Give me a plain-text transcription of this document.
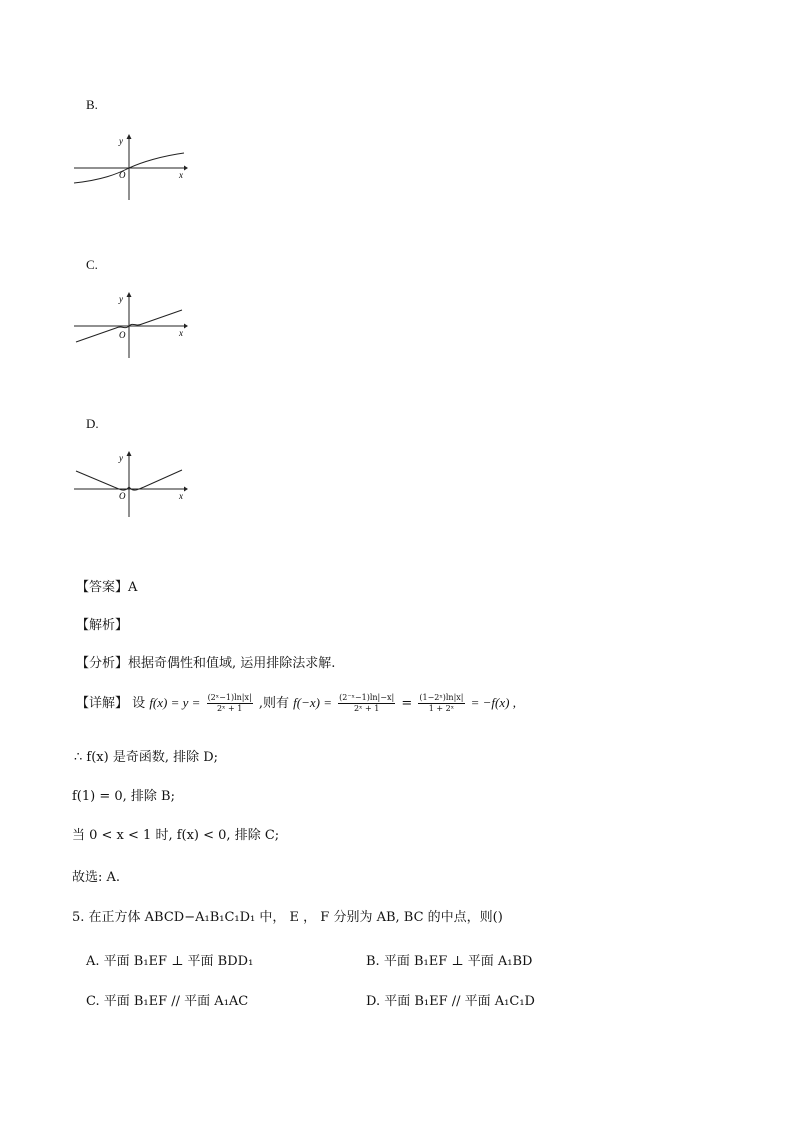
B.
y
x
O
C.
y
x
O
D.
y
x
O
【答案】A
【解析】
【分析】根据奇偶性和值域, 运用排除法求解.
【详解】 设 $f(x) = y = \frac{\text{(2ˣ−1)ln|x|}}{\text{2ˣ + 1}}$ ,则有 $f(-x) = \frac{\text{(2⁻ˣ−1)ln|−x|}}{\text{2ˣ + 1}} = \frac{\text{(1−2ˣ)ln|x|}}{\text{1 + 2ˣ}} = -f(x)$ ,
∴ f(x) 是奇函数, 排除 D;
f(1) = 0, 排除 B;
当 0 < x < 1 时, f(x) < 0, 排除 C;
故选: A.
5. 在正方体 ABCD−A₁B₁C₁D₁ 中， E ， F 分别为 AB, BC 的中点，则()
A. 平面 B₁EF ⊥ 平面 BDD₁	B. 平面 B₁EF ⊥ 平面 A₁BD
C. 平面 B₁EF // 平面 A₁AC	D. 平面 B₁EF // 平面 A₁C₁D
